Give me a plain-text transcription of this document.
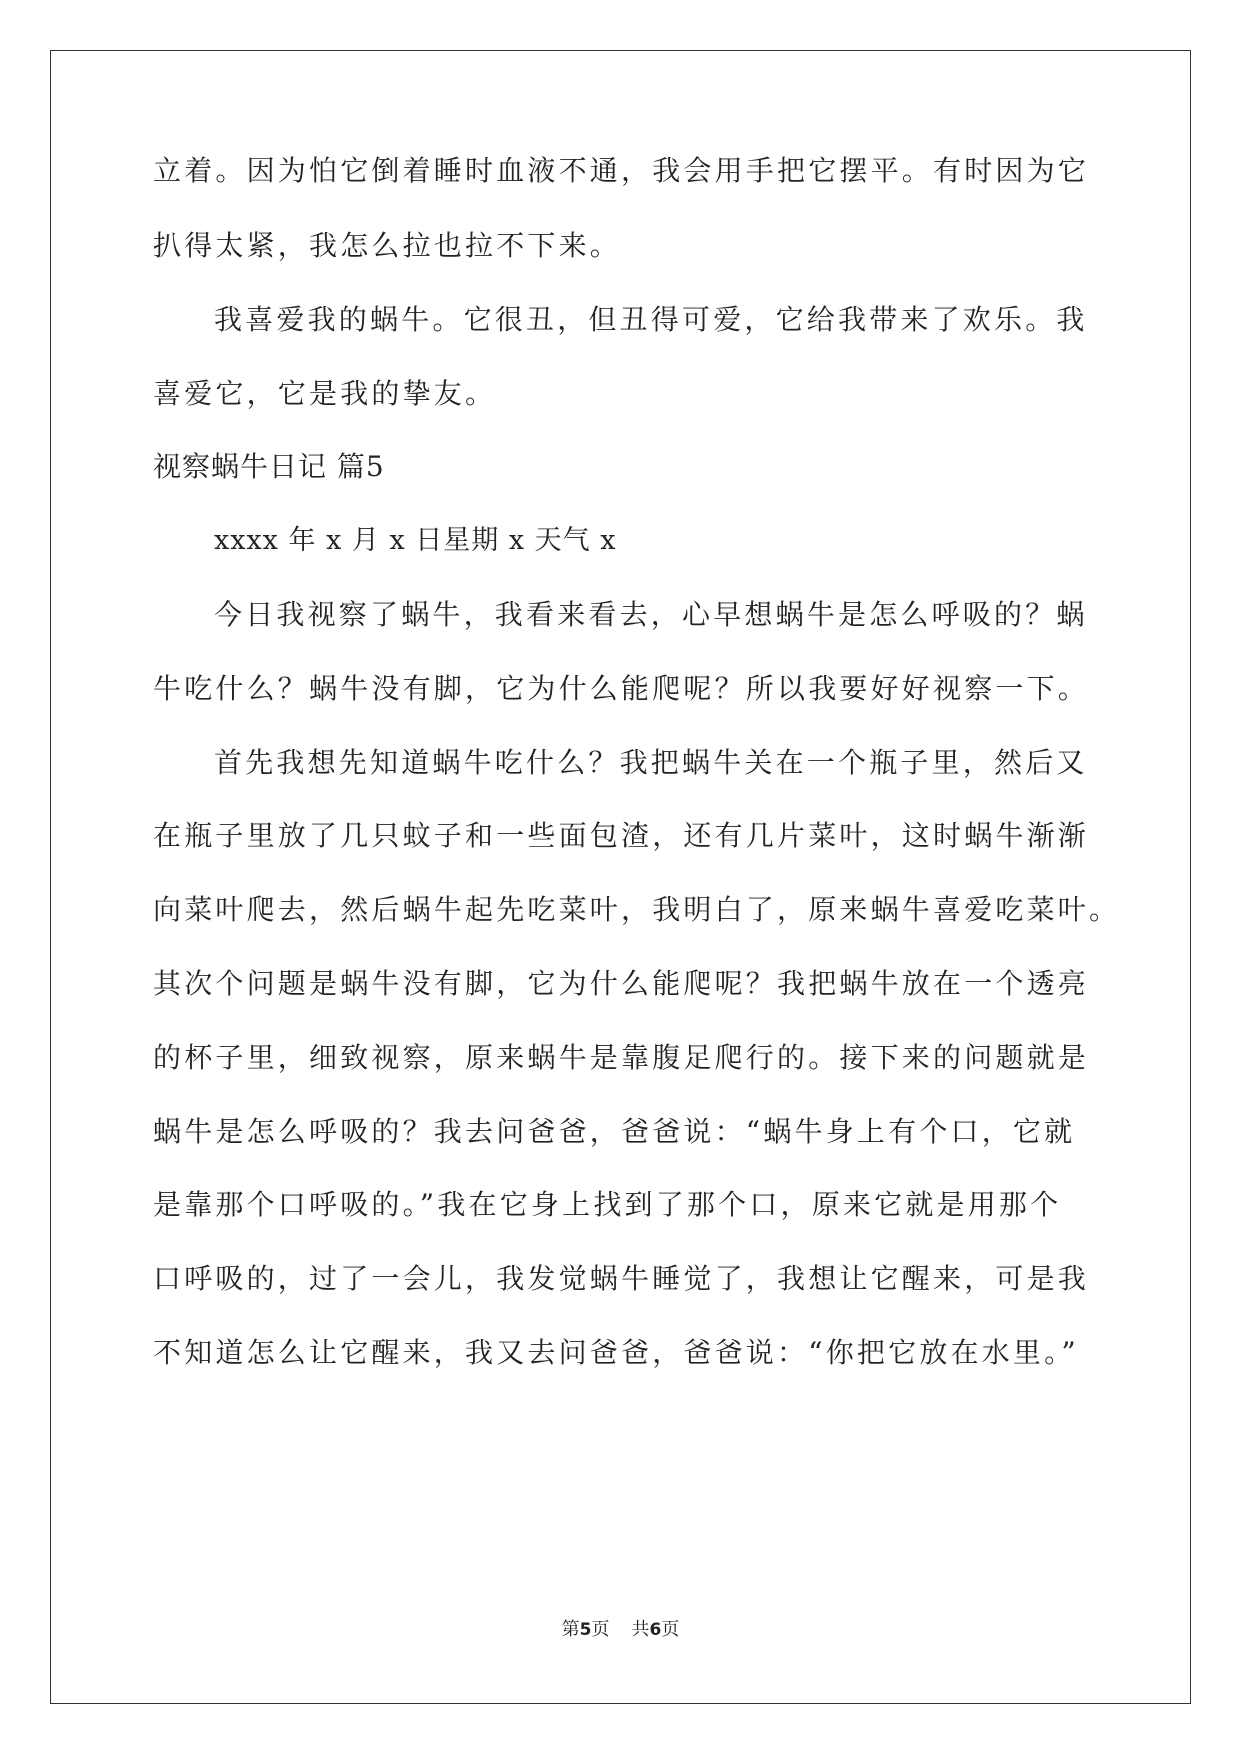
立着。因为怕它倒着睡时血液不通，我会用手把它摆平。有时因为它
扒得太紧，我怎么拉也拉不下来。
我喜爱我的蜗牛。它很丑，但丑得可爱，它给我带来了欢乐。我
喜爱它，它是我的挚友。
视察蜗牛日记 篇5
xxxx 年 x 月 x 日星期 x 天气 x
今日我视察了蜗牛，我看来看去，心早想蜗牛是怎么呼吸的？蜗
牛吃什么？蜗牛没有脚，它为什么能爬呢？所以我要好好视察一下。
首先我想先知道蜗牛吃什么？我把蜗牛关在一个瓶子里，然后又
在瓶子里放了几只蚊子和一些面包渣，还有几片菜叶，这时蜗牛渐渐
向菜叶爬去，然后蜗牛起先吃菜叶，我明白了，原来蜗牛喜爱吃菜叶。
其次个问题是蜗牛没有脚，它为什么能爬呢？我把蜗牛放在一个透亮
的杯子里，细致视察，原来蜗牛是靠腹足爬行的。接下来的问题就是
蜗牛是怎么呼吸的？我去问爸爸，爸爸说：“蜗牛身上有个口，它就
是靠那个口呼吸的。”我在它身上找到了那个口，原来它就是用那个
口呼吸的，过了一会儿，我发觉蜗牛睡觉了，我想让它醒来，可是我
不知道怎么让它醒来，我又去问爸爸，爸爸说：“你把它放在水里。”
第5页 共6页
